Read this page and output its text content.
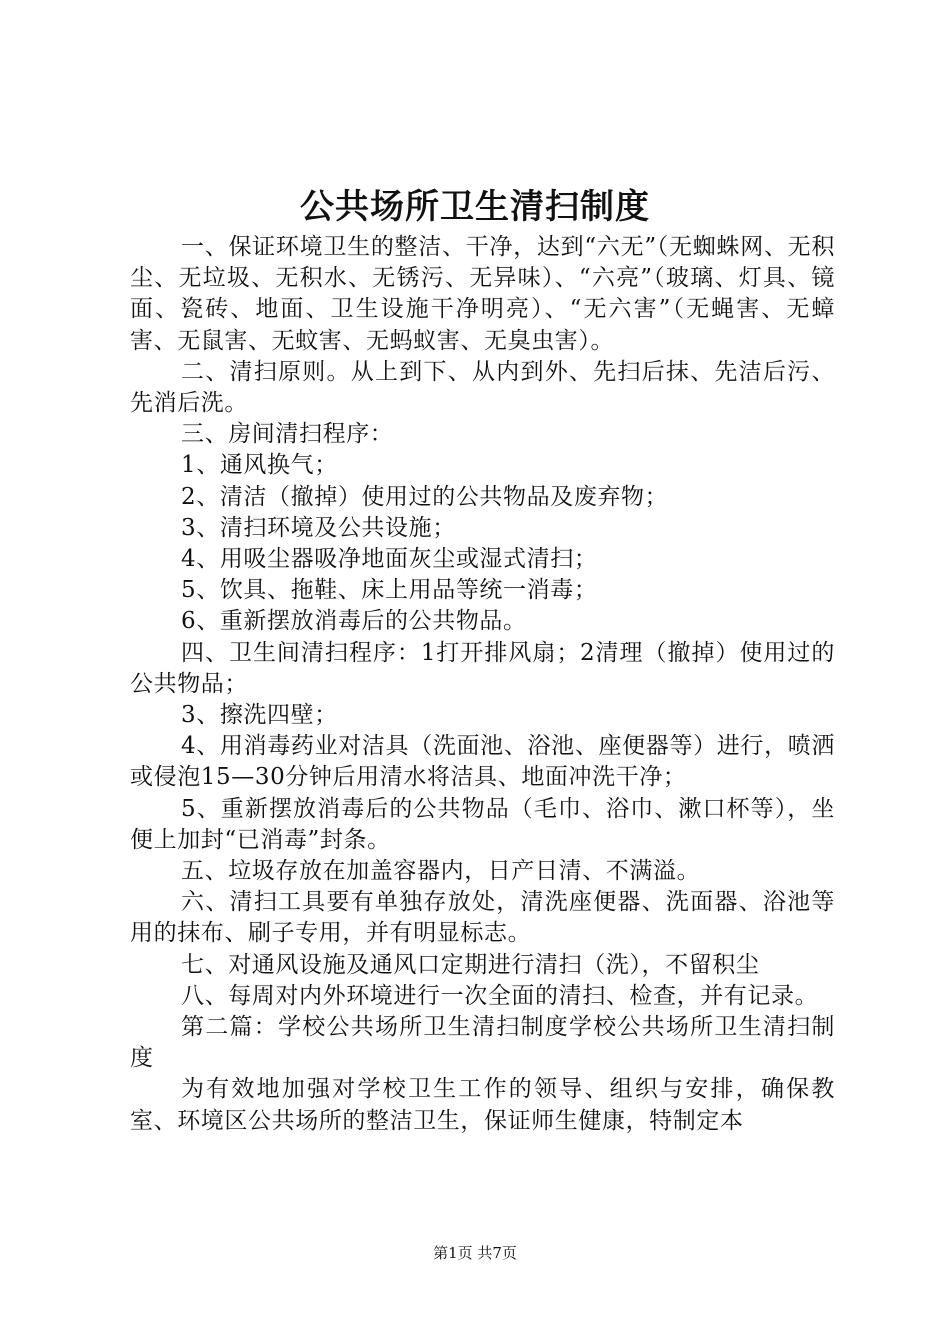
公共场所卫生清扫制度

一、保证环境卫生的整洁、干净，达到“六无”（无蜘蛛网、无积尘、无垃圾、无积水、无锈污、无异味）、“六亮”（玻璃、灯具、镜面、瓷砖、地面、卫生设施干净明亮）、“无六害”（无蝇害、无蟑害、无鼠害、无蚊害、无蚂蚁害、无臭虫害）。

二、清扫原则。从上到下、从内到外、先扫后抹、先洁后污、先消后洗。

三、房间清扫程序：

1、通风换气；

2、清洁（撤掉）使用过的公共物品及废弃物；

3、清扫环境及公共设施；

4、用吸尘器吸净地面灰尘或湿式清扫；

5、饮具、拖鞋、床上用品等统一消毒；

6、重新摆放消毒后的公共物品。

四、卫生间清扫程序：1打开排风扇；2清理（撤掉）使用过的公共物品；

3、擦洗四壁；

4、用消毒药业对洁具（洗面池、浴池、座便器等）进行，喷洒或侵泡15—30分钟后用清水将洁具、地面冲洗干净；

5、重新摆放消毒后的公共物品（毛巾、浴巾、漱口杯等），坐便上加封“已消毒”封条。

五、垃圾存放在加盖容器内，日产日清、不满溢。

六、清扫工具要有单独存放处，清洗座便器、洗面器、浴池等用的抹布、刷子专用，并有明显标志。

七、对通风设施及通风口定期进行清扫（洗），不留积尘

八、每周对内外环境进行一次全面的清扫、检查，并有记录。

第二篇：学校公共场所卫生清扫制度学校公共场所卫生清扫制度

为有效地加强对学校卫生工作的领导、组织与安排，确保教室、环境区公共场所的整洁卫生，保证师生健康，特制定本

第1页 共7页
